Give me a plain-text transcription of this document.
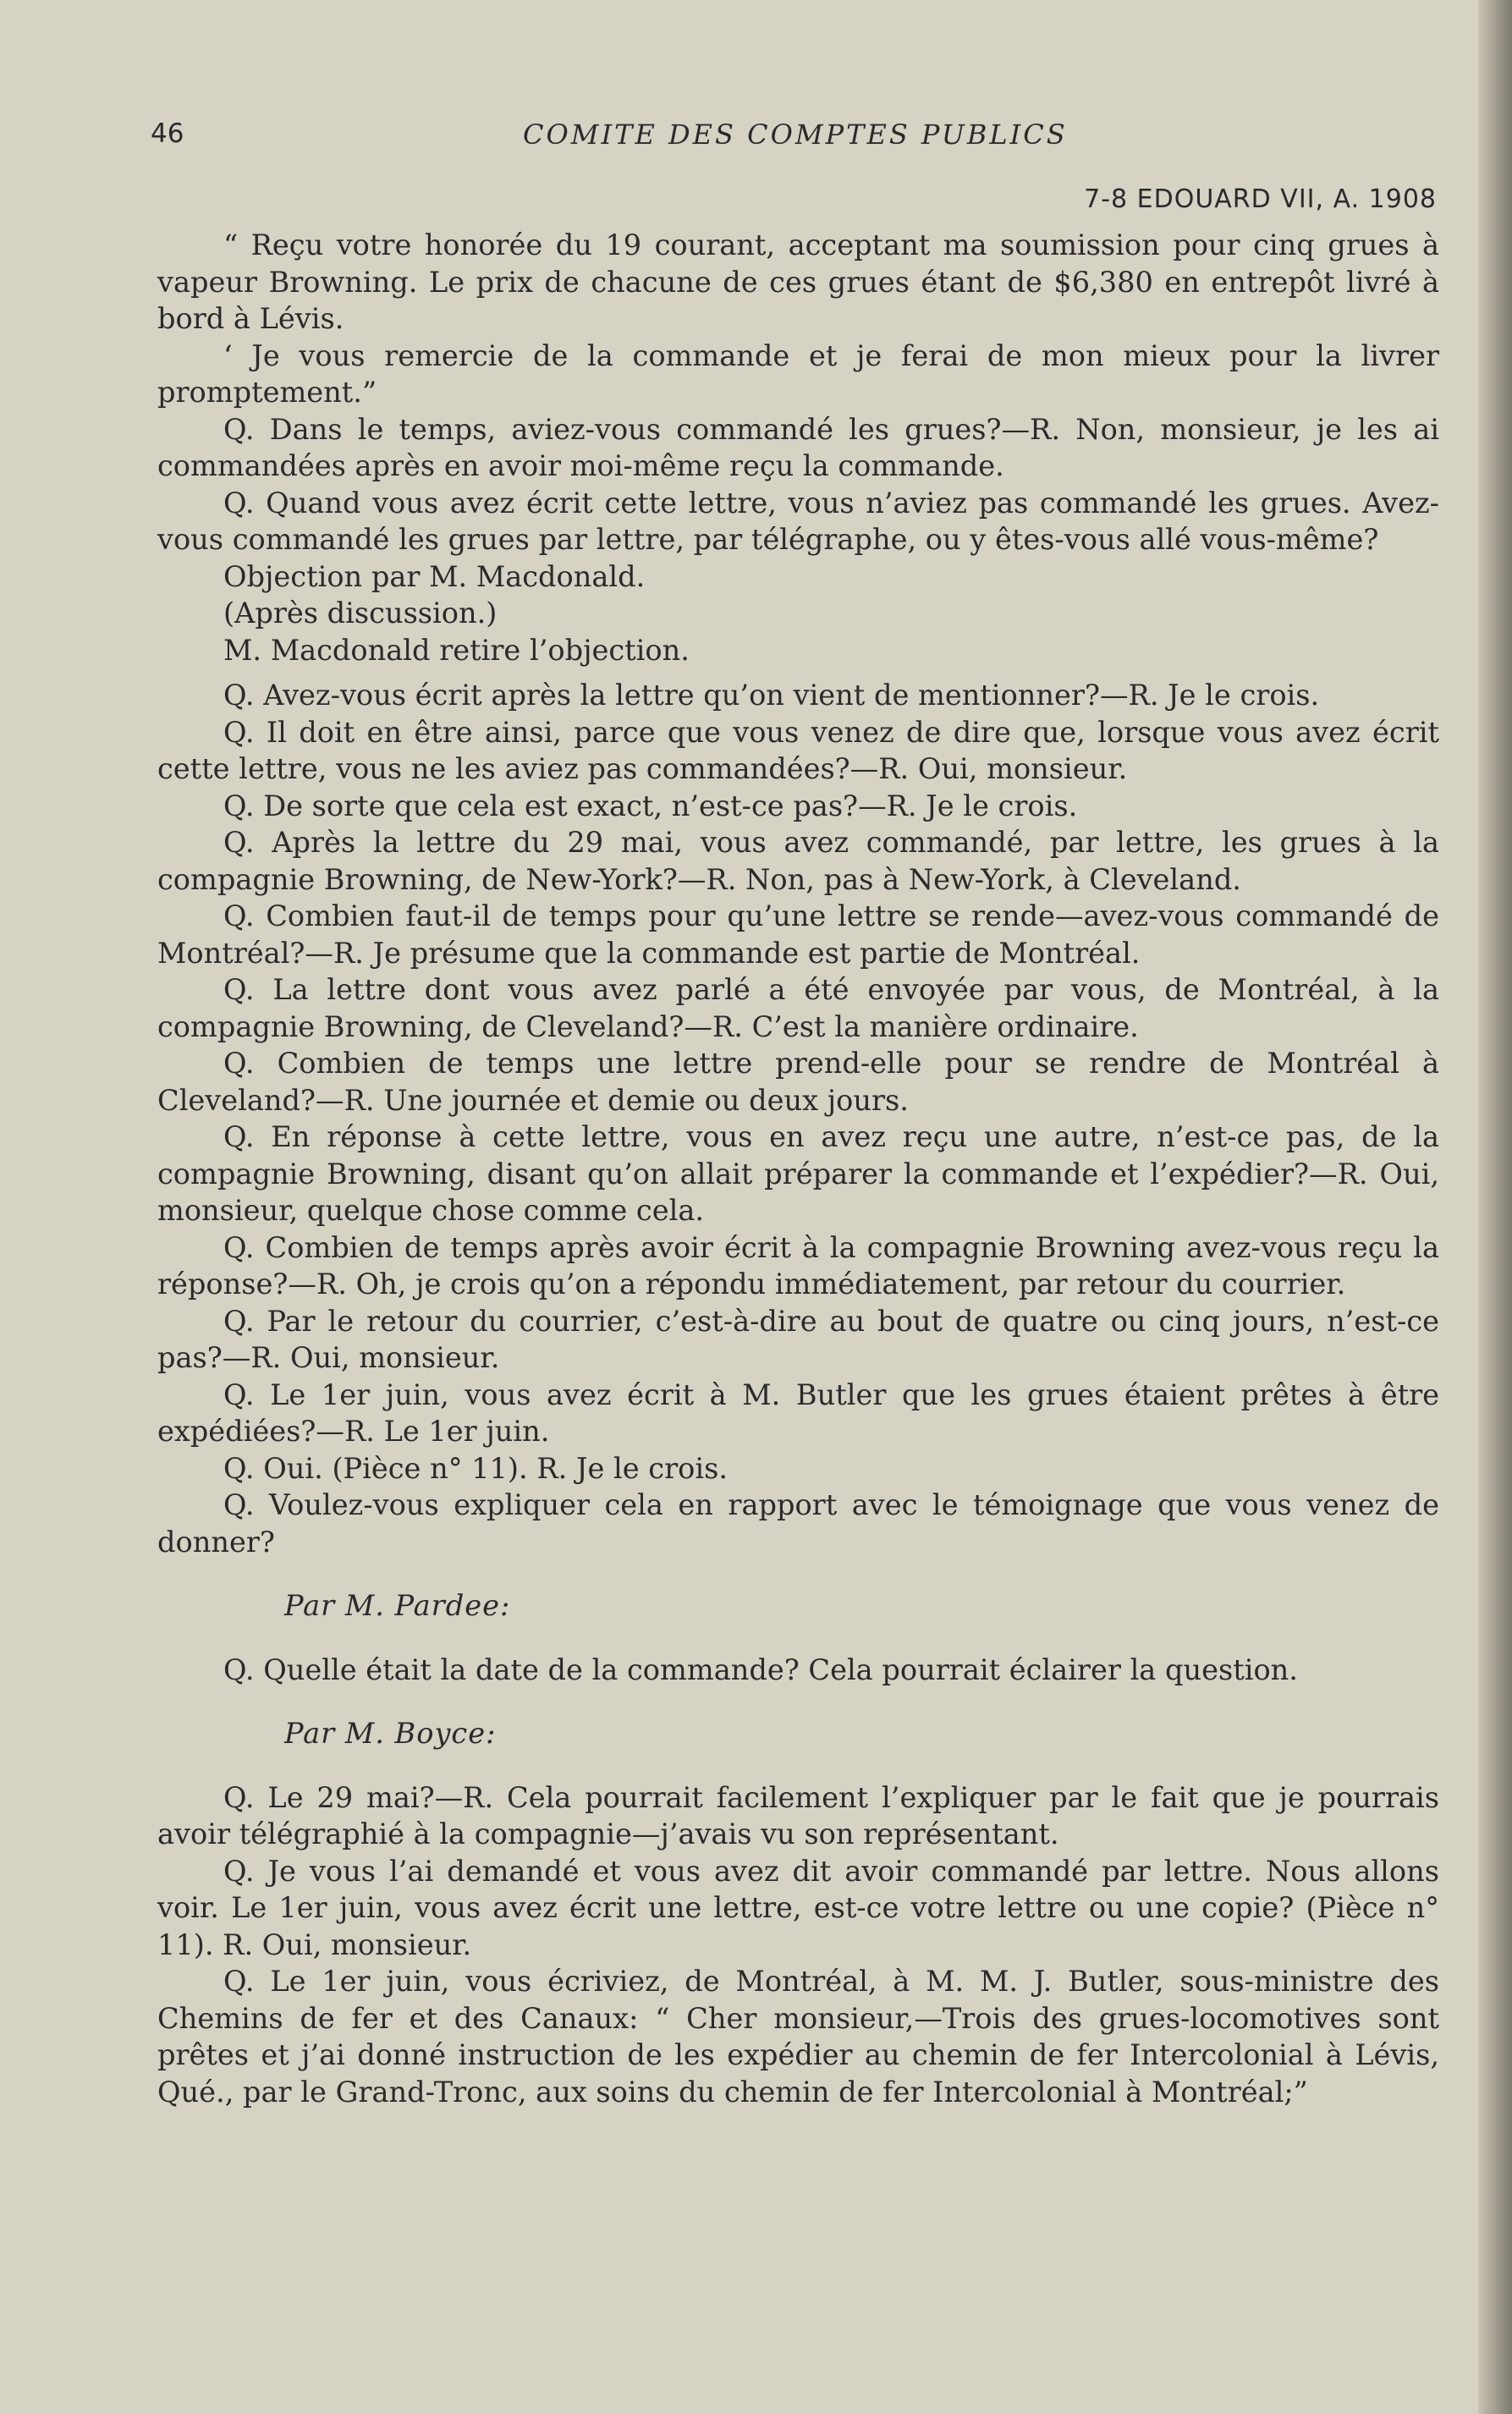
46	COMITE DES COMPTES PUBLICS
7-8 EDOUARD VII, A. 1908

“ Reçu votre honorée du 19 courant, acceptant ma soumission pour cinq grues à vapeur Browning. Le prix de chacune de ces grues étant de $6,380 en entrepôt livré à bord à Lévis.

‘ Je vous remercie de la commande et je ferai de mon mieux pour la livrer promptement.”

Q. Dans le temps, aviez-vous commandé les grues?—R. Non, monsieur, je les ai commandées après en avoir moi-même reçu la commande.

Q. Quand vous avez écrit cette lettre, vous n’aviez pas commandé les grues. Avez-vous commandé les grues par lettre, par télégraphe, ou y êtes-vous allé vous-même?

Objection par M. Macdonald.

(Après discussion.)

M. Macdonald retire l’objection.

Q. Avez-vous écrit après la lettre qu’on vient de mentionner?—R. Je le crois.

Q. Il doit en être ainsi, parce que vous venez de dire que, lorsque vous avez écrit cette lettre, vous ne les aviez pas commandées?—R. Oui, monsieur.

Q. De sorte que cela est exact, n’est-ce pas?—R. Je le crois.

Q. Après la lettre du 29 mai, vous avez commandé, par lettre, les grues à la compagnie Browning, de New-York?—R. Non, pas à New-York, à Cleveland.

Q. Combien faut-il de temps pour qu’une lettre se rende—avez-vous commandé de Montréal?—R. Je présume que la commande est partie de Montréal.

Q. La lettre dont vous avez parlé a été envoyée par vous, de Montréal, à la compagnie Browning, de Cleveland?—R. C’est la manière ordinaire.

Q. Combien de temps une lettre prend-elle pour se rendre de Montréal à Cleveland?—R. Une journée et demie ou deux jours.

Q. En réponse à cette lettre, vous en avez reçu une autre, n’est-ce pas, de la compagnie Browning, disant qu’on allait préparer la commande et l’expédier?—R. Oui, monsieur, quelque chose comme cela.

Q. Combien de temps après avoir écrit à la compagnie Browning avez-vous reçu la réponse?—R. Oh, je crois qu’on a répondu immédiatement, par retour du courrier.

Q. Par le retour du courrier, c’est-à-dire au bout de quatre ou cinq jours, n’est-ce pas?—R. Oui, monsieur.

Q. Le 1er juin, vous avez écrit à M. Butler que les grues étaient prêtes à être expédiées?—R. Le 1er juin.

Q. Oui. (Pièce n° 11). R. Je le crois.

Q. Voulez-vous expliquer cela en rapport avec le témoignage que vous venez de donner?

Par M. Pardee:

Q. Quelle était la date de la commande? Cela pourrait éclairer la question.

Par M. Boyce:

Q. Le 29 mai?—R. Cela pourrait facilement l’expliquer par le fait que je pourrais avoir télégraphié à la compagnie—j’avais vu son représentant.

Q. Je vous l’ai demandé et vous avez dit avoir commandé par lettre. Nous allons voir. Le 1er juin, vous avez écrit une lettre, est-ce votre lettre ou une copie? (Pièce n° 11). R. Oui, monsieur.

Q. Le 1er juin, vous écriviez, de Montréal, à M. M. J. Butler, sous-ministre des Chemins de fer et des Canaux: “ Cher monsieur,—Trois des grues-locomotives sont prêtes et j’ai donné instruction de les expédier au chemin de fer Intercolonial à Lévis, Qué., par le Grand-Tronc, aux soins du chemin de fer Intercolonial à Montréal;”
